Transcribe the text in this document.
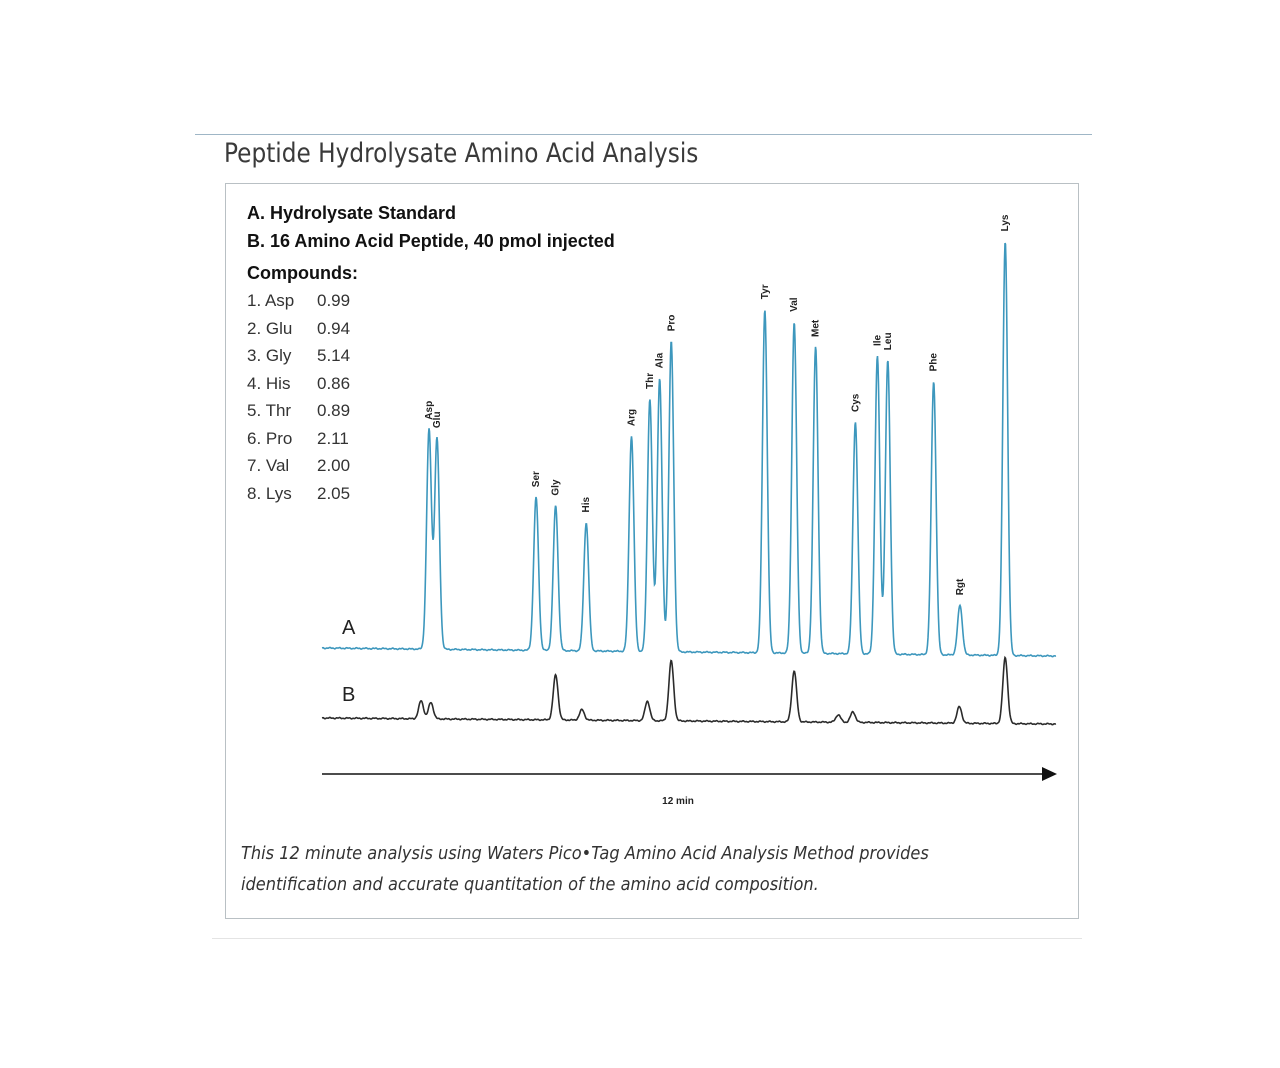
Peptide Hydrolysate Amino Acid Analysis
A. Hydrolysate Standard
B. 16 Amino Acid Peptide, 40 pmol injected
Compounds:
1. Asp 0.99
2. Glu 0.94
3. Gly 5.14
4. His 0.86
5. Thr 0.89
6. Pro 2.11
7. Val 2.00
8. Lys 2.05
Asp
Glu
Ser
Gly
His
Arg
Thr
Ala
Pro
Tyr
Val
Met
Cys
Ile Leu
Phe
Rgt
Lys
A
B
12 min
This 12 minute analysis using Waters Pico•Tag Amino Acid Analysis Method provides identification and accurate quantitation of the amino acid composition.
